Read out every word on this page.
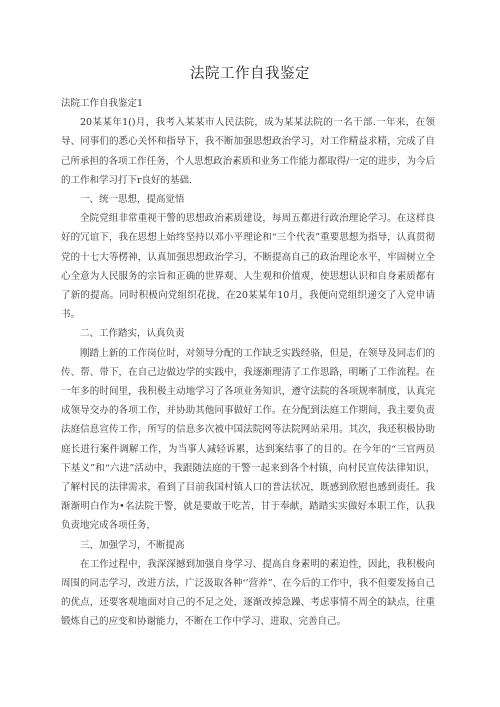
法院工作自我鉴定

法院工作自我鉴定1

20某某年1()月，我考入某某市人民法院，成为某某法院的一名干部.一年来，在领导、同事们的悉心关怀和指导下，我不断加强思想政治学习，对工作精益求精，完成了自己所承担的各项工作任务，个人思想政治素质和业务工作能力都取得/一定的进步，为今后的工作和学习打下r良好的基础.

一、统一思想，提高觉悟

全院党组非常重视干警的思想政治素质建设，每周五都进行政治理论学习。在这样良好的冗谊下，我在思想上始终坚持以邓小平理论和“三个代表”重要思想为指导，认真贯彻党的十七大等楞神，认真加强思想政治学习，不断提高自己的政治理论水平，牢固树立全心全意为人民服务的宗旨和正确的世界观、人生观和价值观，使思想认识和自身素质都有了新的提高。同时积极向党组织花拢，在20某某年10月，我便向党组织递交了入党申请书。

二、工作踏实，认真负责

刚踏上新的工作岗位时，对领导分配的工作缺乏实践经骆，但是，在领导及同志们的传、帮、带下，在自己边做边学的实践中，我逐渐理清了工作思路，明晰了工作流程。在一年多的时间里，我积极主动地学习了各项业务知识，遵守法院的各项规率制度，认真完成领导交办的各项工作，并协助其他同事做好工作。在分配到法庭工作期间，我主要负责法庭信息宣传工作，所写的信息多次被中国法院网等法院网站采用。其次，我还积极协助庭长进行案件调解工作，为当事人减轻诉累，达到案结事了的目的。在今年的“三官两员下基义”和“六进”活动中，我跟随法庭的干警一起来到各个村镇，向村民宣传法律知识，了解村民的法律需求，看到了目前我国村镇人口的普法状况，既感到欣慰也感到责任。我渐渐明白作为•名法院干警，就是要敢于吃苦，甘于奉献，踏踏实实做好本职工作，认我负责地完成各项任务，

三、加强学习，不断提高

在工作过程中，我深深撼到加强自身学习、提高自身素明的素迫性，因此，我积极向周围的同志学习，改进方法，广泛汲取各种‘’营养”、在今后的工作中，我不但要发扬自己的优点，还要客观地面对自己的不足之处，逐渐改掉急躁、考虑事情不周全的缺点，往重锻炼自己的应变和协谢能力，不断在工作中学习、进取、完善自己。
